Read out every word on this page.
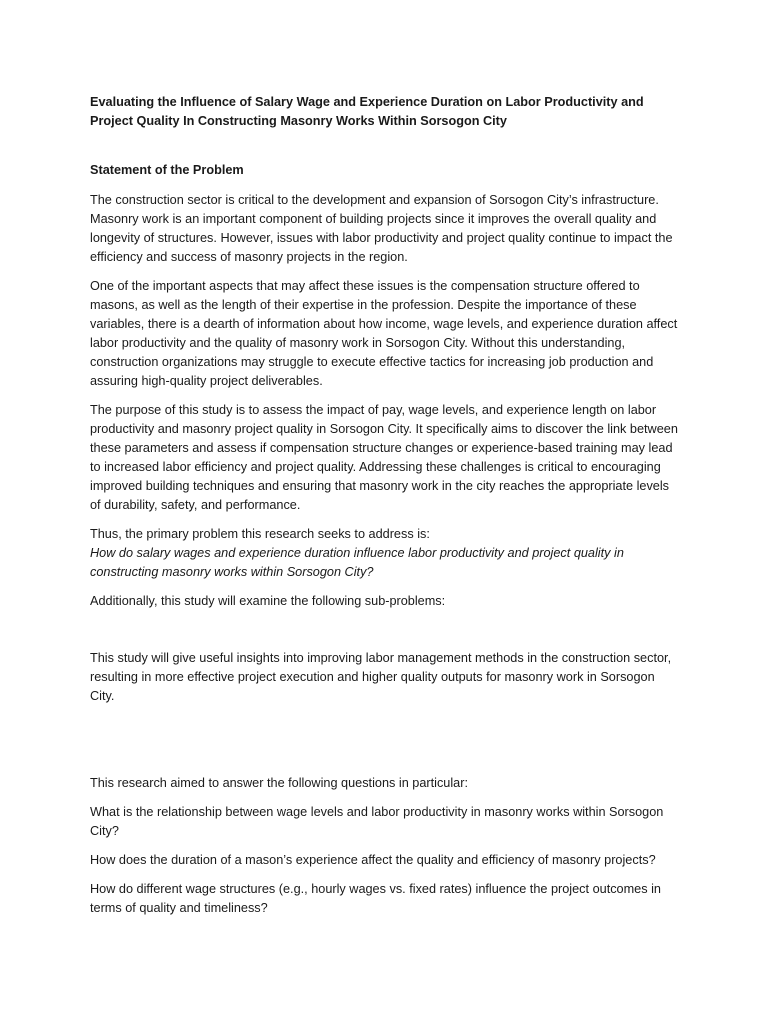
Evaluating the Influence of Salary Wage and Experience Duration on Labor Productivity and Project Quality In Constructing Masonry Works Within Sorsogon City

Statement of the Problem

The construction sector is critical to the development and expansion of Sorsogon City’s infrastructure. Masonry work is an important component of building projects since it improves the overall quality and longevity of structures. However, issues with labor productivity and project quality continue to impact the efficiency and success of masonry projects in the region.

One of the important aspects that may affect these issues is the compensation structure offered to masons, as well as the length of their expertise in the profession. Despite the importance of these variables, there is a dearth of information about how income, wage levels, and experience duration affect labor productivity and the quality of masonry work in Sorsogon City. Without this understanding, construction organizations may struggle to execute effective tactics for increasing job production and assuring high-quality project deliverables.

The purpose of this study is to assess the impact of pay, wage levels, and experience length on labor productivity and masonry project quality in Sorsogon City. It specifically aims to discover the link between these parameters and assess if compensation structure changes or experience-based training may lead to increased labor efficiency and project quality. Addressing these challenges is critical to encouraging improved building techniques and ensuring that masonry work in the city reaches the appropriate levels of durability, safety, and performance.

Thus, the primary problem this research seeks to address is:

How do salary wages and experience duration influence labor productivity and project quality in constructing masonry works within Sorsogon City?

Additionally, this study will examine the following sub-problems:

This study will give useful insights into improving labor management methods in the construction sector, resulting in more effective project execution and higher quality outputs for masonry work in Sorsogon City.

This research aimed to answer the following questions in particular:

What is the relationship between wage levels and labor productivity in masonry works within Sorsogon City?

How does the duration of a mason’s experience affect the quality and efficiency of masonry projects?

How do different wage structures (e.g., hourly wages vs. fixed rates) influence the project outcomes in terms of quality and timeliness?
